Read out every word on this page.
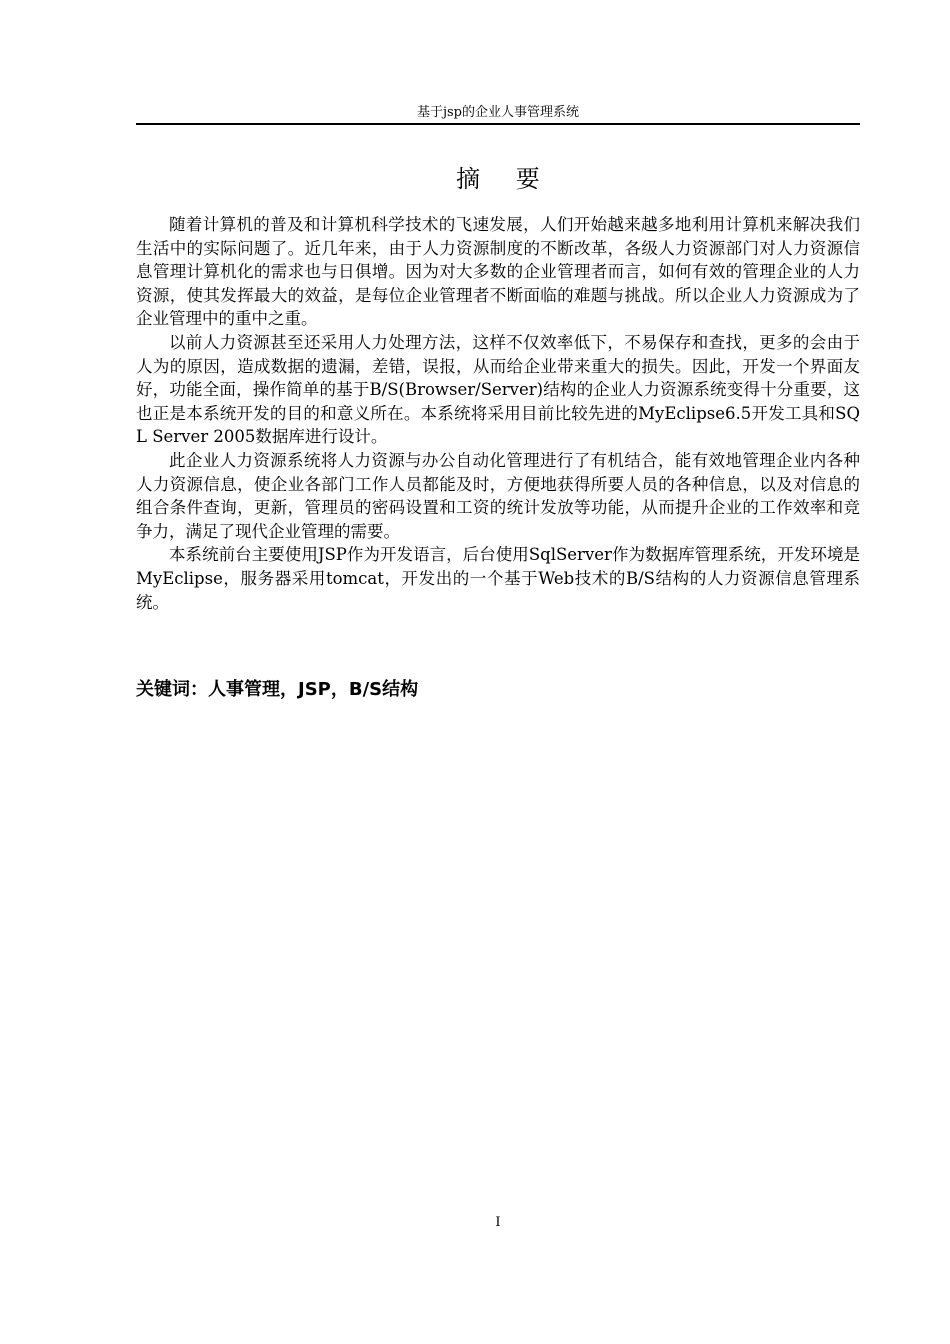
基于jsp的企业人事管理系统
摘 要

随着计算机的普及和计算机科学技术的飞速发展，人们开始越来越多地利用计算机来解决我们生活中的实际问题了。近几年来，由于人力资源制度的不断改革，各级人力资源部门对人力资源信息管理计算机化的需求也与日俱增。因为对大多数的企业管理者而言，如何有效的管理企业的人力资源，使其发挥最大的效益，是每位企业管理者不断面临的难题与挑战。所以企业人力资源成为了企业管理中的重中之重。

以前人力资源甚至还采用人力处理方法，这样不仅效率低下，不易保存和查找，更多的会由于人为的原因，造成数据的遗漏，差错，误报，从而给企业带来重大的损失。因此，开发一个界面友好，功能全面，操作简单的基于B/S(Browser/Server)结构的企业人力资源系统变得十分重要，这也正是本系统开发的目的和意义所在。本系统将采用目前比较先进的MyEclipse6.5开发工具和SQL Server 2005数据库进行设计。

此企业人力资源系统将人力资源与办公自动化管理进行了有机结合，能有效地管理企业内各种人力资源信息，使企业各部门工作人员都能及时，方便地获得所要人员的各种信息，以及对信息的组合条件查询，更新，管理员的密码设置和工资的统计发放等功能，从而提升企业的工作效率和竞争力，满足了现代企业管理的需要。

本系统前台主要使用JSP作为开发语言，后台使用SqlServer作为数据库管理系统，开发环境是MyEclipse，服务器采用tomcat，开发出的一个基于Web技术的B/S结构的人力资源信息管理系统。

关键词：人事管理，JSP，B/S结构
I
